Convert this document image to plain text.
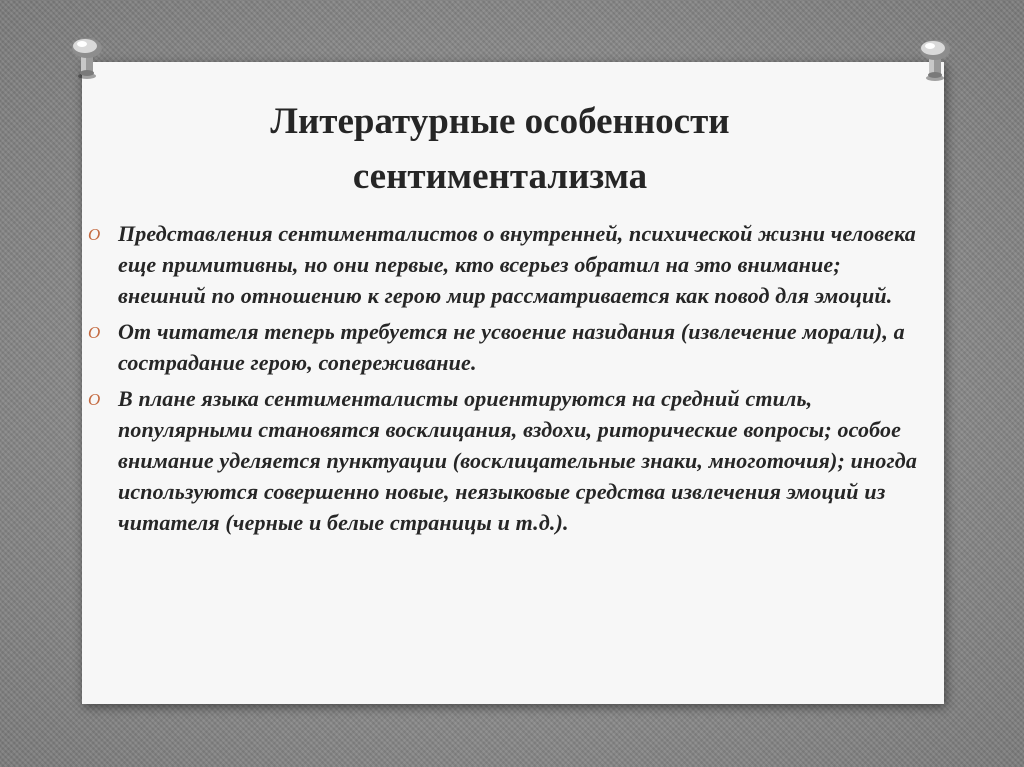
Литературные особенности
сентиментализма
O Представления сентименталистов о внутренней, психической жизни человека еще примитивны, но они первые, кто всерьез обратил на это внимание; внешний по отношению к герою мир рассматривается как повод для эмоций.
O От читателя теперь требуется не усвоение назидания (извлечение морали), а сострадание герою, сопереживание.
O В плане языка сентименталисты ориентируются на средний стиль, популярными становятся восклицания, вздохи, риторические вопросы; особое внимание уделяется пунктуации (восклицательные знаки, многоточия); иногда используются совершенно новые, неязыковые средства извлечения эмоций из читателя (черные и белые страницы и т.д.).
